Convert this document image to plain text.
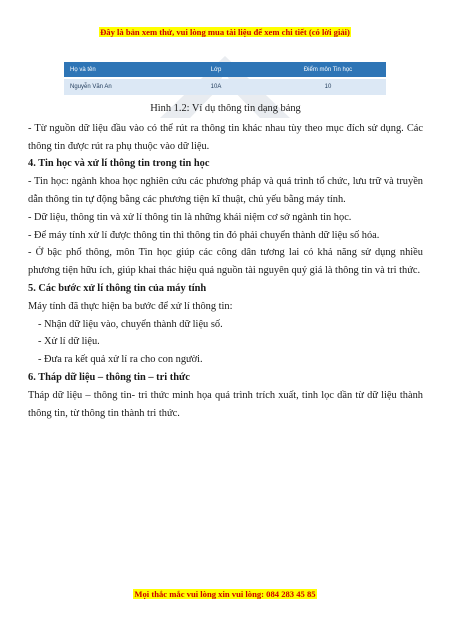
Đây là bản xem thử, vui lòng mua tài liệu để xem chi tiết (có lời giải)
Họ và tên	Lớp	Điểm môn Tin học
Nguyễn Văn An	10A	10

Hình 1.2: Ví dụ thông tin dạng bảng

- Từ nguồn dữ liệu đầu vào có thể rút ra thông tin khác nhau tùy theo mục đích sử dụng. Các thông tin được rút ra phụ thuộc vào dữ liệu.

4. Tin học và xử lí thông tin trong tin học

- Tin học: ngành khoa học nghiên cứu các phương pháp và quá trình tổ chức, lưu trữ và truyền dẫn thông tin tự động bằng các phương tiện kĩ thuật, chủ yếu bằng máy tính.

- Dữ liệu, thông tin và xử lí thông tin là những khái niệm cơ sở ngành tin học.

- Để máy tính xử lí được thông tin thì thông tin đó phải chuyển thành dữ liệu số hóa.

- Ở bậc phổ thông, môn Tin học giúp các công dân tương lai có khả năng sử dụng nhiều phương tiện hữu ích, giúp khai thác hiệu quả nguồn tài nguyên quý giá là thông tin và tri thức.

5. Các bước xử lí thông tin của máy tính

Máy tính đã thực hiện ba bước để xử lí thông tin:

- Nhận dữ liệu vào, chuyển thành dữ liệu số.

- Xử lí dữ liệu.

- Đưa ra kết quả xử lí ra cho con người.

6. Tháp dữ liệu – thông tin – tri thức

Tháp dữ liệu – thông tin- tri thức minh họa quá trình trích xuất, tinh lọc dần từ dữ liệu thành thông tin, từ thông tin thành tri thức.

Mọi thắc mắc vui lòng xin vui lòng: 084 283 45 85
